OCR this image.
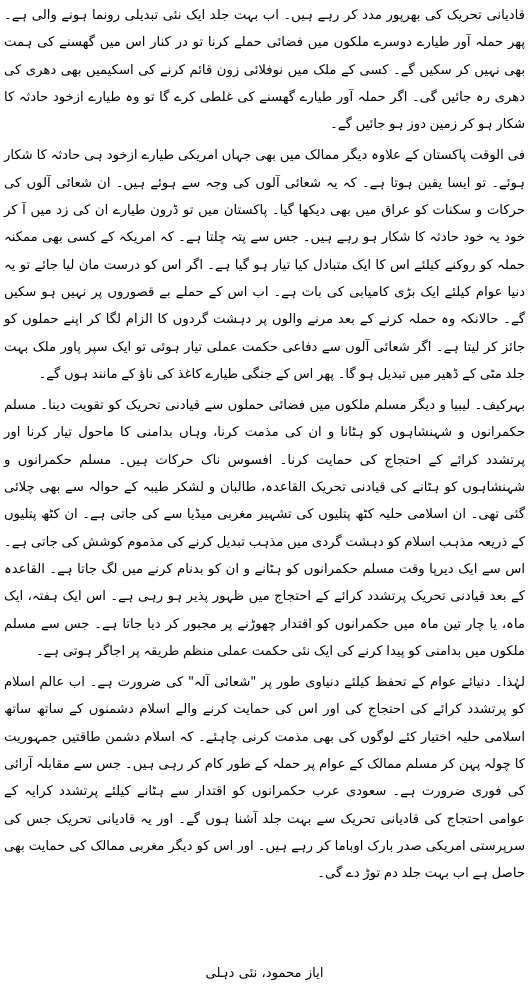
قادیانی تحریک کی بھرپور مدد کر رہے ہیں۔ اب بہت جلد ایک نئی تبدیلی رونما ہونے والی ہے۔ پھر حملہ آور طیارے دوسرے ملکوں میں فضائی حملے کرنا تو در کنار اس میں گھسنے کی ہمت بھی نہیں کر سکیں گے۔ کسی کے ملک میں نوفلائی زون قائم کرنے کی اسکیمیں بھی دھری کی دھری رہ جائیں گی۔ اگر حملہ آور طیارے گھسنے کی غلطی کرے گا تو وہ طیارے ازخود حادثہ کا شکار ہو کر زمین دوز ہو جائیں گے۔

فی الوقت پاکستان کے علاوہ دیگر ممالک میں بھی جہاں امریکی طیارے ازخود ہی حادثہ کا شکار ہوئے۔ تو ایسا یقین ہوتا ہے۔ کہ یہ شعائی آلوں کی وجہ سے ہوئے ہیں۔ ان شعائی آلوں کی حرکات و سکنات کو عراق میں بھی دیکھا گیا۔ پاکستان میں تو ڈرون طیارے ان کی زد میں آ کر خود یہ خود حادثہ کا شکار ہو رہے ہیں۔ جس سے پتہ چلتا ہے۔ کہ امریکہ کے کسی بھی ممکنہ حملہ کو روکنے کیلئے اس کا ایک متبادل کیا تیار ہو گیا ہے۔ اگر اس کو درست مان لیا جائے تو یہ دنیا عوام کیلئے ایک بڑی کامیابی کی بات ہے۔ اب اس کے حملے بے قصوروں پر نہیں ہو سکیں گے۔ حالانکہ وہ حملہ کرنے کے بعد مرنے والوں پر دہشت گردوں کا الزام لگا کر اپنے حملوں کو جائز کر لیتا ہے۔ اگر شعائی آلوں سے دفاعی حکمت عملی تیار ہوئی تو ایک سپر پاور ملک بہت جلد مٹی کے ڈھیر میں تبدیل ہو گا۔ پھر اس کے جنگی طیارے کاغذ کی ناؤ کے مانند ہوں گے۔

بہرکیف۔ لیبیا و دیگر مسلم ملکوں میں فضائی حملوں سے قیادنی تحریک کو تقویت دینا۔ مسلم حکمرانوں و شہنشاہوں کو ہٹانا و ان کی مذمت کرنا، وہاں بدامنی کا ماحول تیار کرنا اور پرتشدد کرائے کے احتجاج کی حمایت کرنا۔ افسوس ناک حرکات ہیں۔ مسلم حکمرانوں و شہنشاہوں کو ہٹانے کی قیادنی تحریک القاعدہ، طالبان و لشکر طیبہ کے حوالہ سے بھی چلائی گئی تھی۔ ان اسلامی حلیہ کٹھ پتلیوں کی تشہیر مغربی میڈیا سے کی جاتی ہے۔ ان کٹھ پتلیوں کے ذریعہ مذہب اسلام کو دہشت گردی میں مذہب تبدیل کرنے کی مذموم کوشش کی جاتی ہے۔ اس سے ایک دیرپا وقت مسلم حکمرانوں کو ہٹانے و ان کو بدنام کرنے میں لگ جاتا ہے۔ القاعدہ کے بعد قیادنی تحریک پرتشدد کرائے کے احتجاج میں ظہور پذیر ہو رہی ہے۔ اس ایک ہفتہ، ایک ماہ، یا چار تین ماہ میں حکمرانوں کو اقتدار چھوڑنے پر مجبور کر دیا جاتا ہے۔ جس سے مسلم ملکوں میں بدامنی کو پیدا کرنے کی ایک نئی حکمت عملی منظم طریقہ پر اجاگر ہوتی ہے۔

لہٰذا۔ دنیائے عوام کے تحفظ کیلئے دنیاوی طور پر "شعائی آلہ" کی ضرورت ہے۔ اب عالم اسلام کو پرتشدد کرائے کی احتجاج کی اور اس کی حمایت کرنے والے اسلام دشمنوں کے ساتھ ساتھ اسلامی حلیہ اختیار کئے لوگوں کی بھی مذمت کرنی چاہئے۔ کہ اسلام دشمن طاقتیں جمہوریت کا چولہ پہن کر مسلم ممالک کے عوام پر حملہ کے طور کام کر رہی ہیں۔ جس سے مقابلہ آرائی کی فوری ضرورت ہے۔ سعودی عرب حکمرانوں کو اقتدار سے ہٹانے کیلئے پرتشدد کرایہ کے عوامی احتجاج کی قادیانی تحریک سے بہت جلد آشنا ہوں گے۔ اور یہ قادیانی تحریک جس کی سرپرستی امریکی صدر بارک اوباما کر رہے ہیں۔ اور اس کو دیگر مغربی ممالک کی حمایت بھی حاصل ہے اب بہت جلد دم توڑ دے گی۔

ایاز محمود، نئی دہلی
